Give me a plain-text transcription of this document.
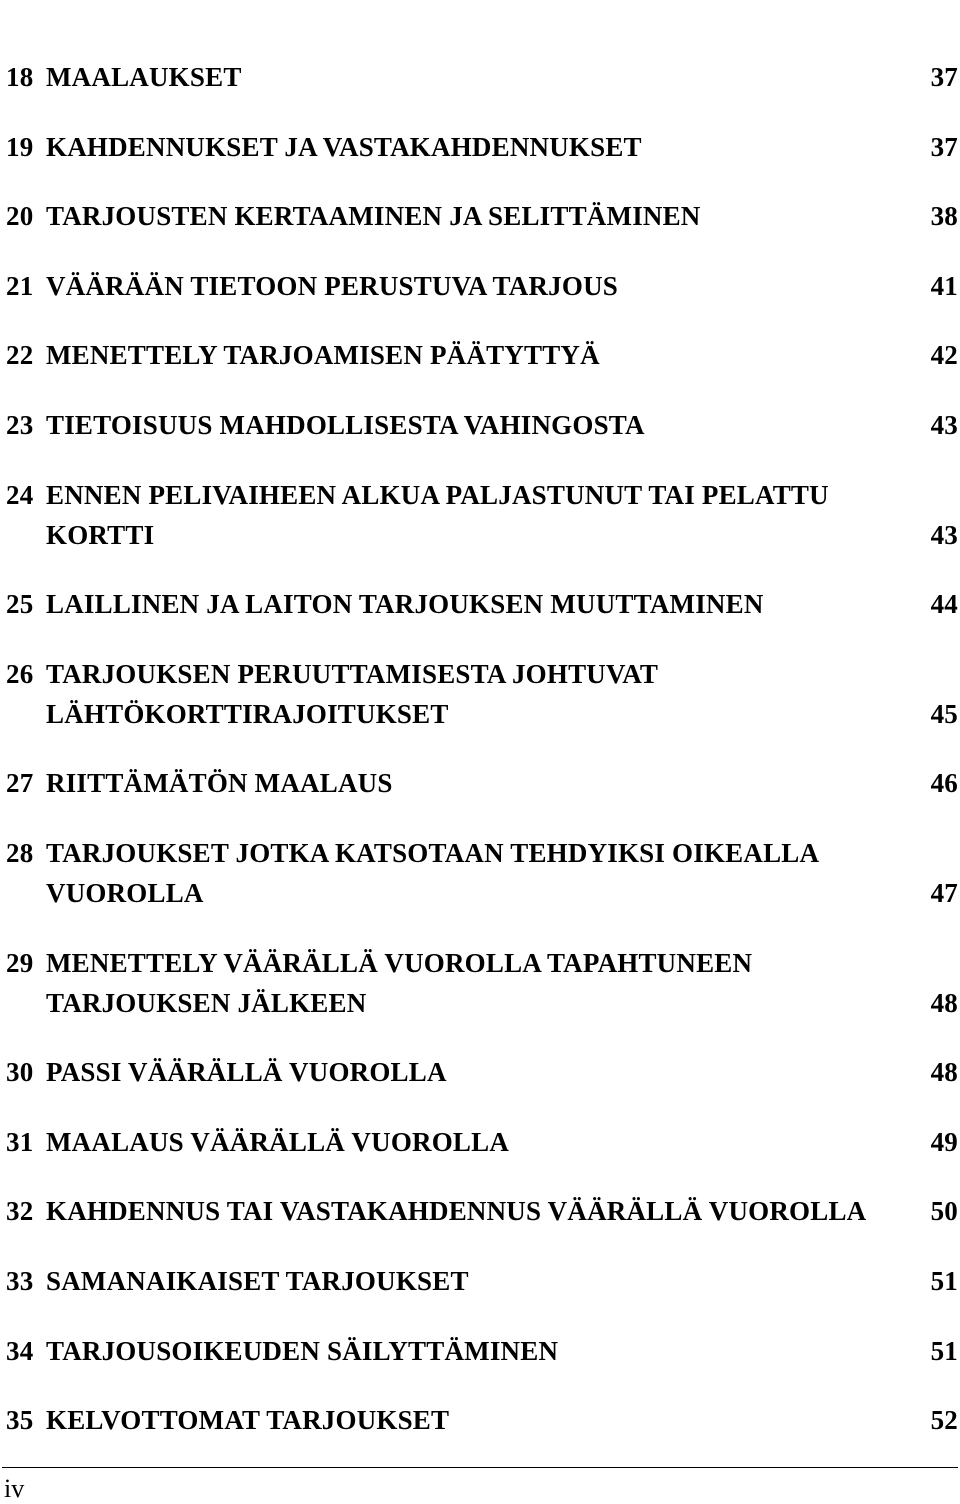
18 MAALAUKSET	37
19 KAHDENNUKSET JA VASTAKAHDENNUKSET	37
20 TARJOUSTEN KERTAAMINEN JA SELITTÄMINEN	38
21 VÄÄRÄÄN TIETOON PERUSTUVA TARJOUS	41
22 MENETTELY TARJOAMISEN PÄÄTYTTYÄ	42
23 TIETOISUUS MAHDOLLISESTA VAHINGOSTA	43
24 ENNEN PELIVAIHEEN ALKUA PALJASTUNUT TAI PELATTU
KORTTI	43
25 LAILLINEN JA LAITON TARJOUKSEN MUUTTAMINEN	44
26 TARJOUKSEN PERUUTTAMISESTA JOHTUVAT
LÄHTÖKORTTIRAJOITUKSET	45
27 RIITTÄMÄTÖN MAALAUS	46
28 TARJOUKSET JOTKA KATSOTAAN TEHDYIKSI OIKEALLA
VUOROLLA	47
29 MENETTELY VÄÄRÄLLÄ VUOROLLA TAPAHTUNEEN
TARJOUKSEN JÄLKEEN	48
30 PASSI VÄÄRÄLLÄ VUOROLLA	48
31 MAALAUS VÄÄRÄLLÄ VUOROLLA	49
32 KAHDENNUS TAI VASTAKAHDENNUS VÄÄRÄLLÄ VUOROLLA 50
33 SAMANAIKAISET TARJOUKSET	51
34 TARJOUSOIKEUDEN SÄILYTTÄMINEN	51
35 KELVOTTOMAT TARJOUKSET	52
iv
